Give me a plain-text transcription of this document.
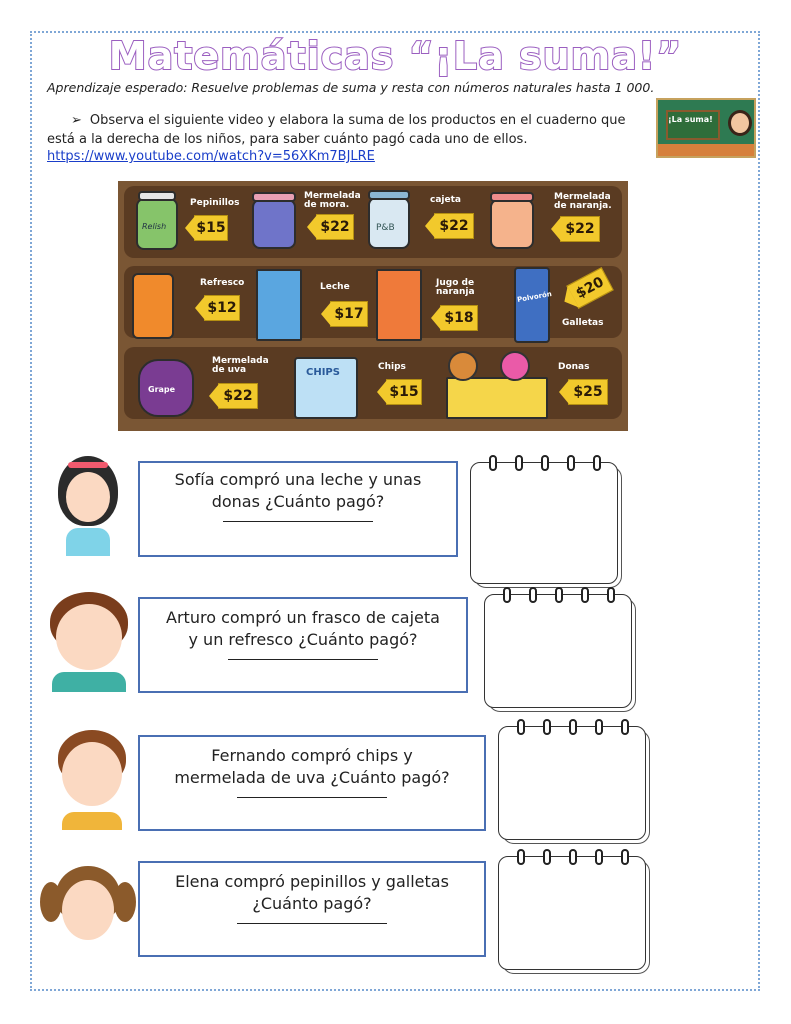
Matemáticas “¡La suma!”
Aprendizaje esperado: Resuelve problemas de suma y resta con números naturales hasta 1 000.
➢ Observa el siguiente video y elabora la suma de los productos en el cuaderno que está a la derecha de los niños, para saber cuánto pagó cada uno de ellos.
https://www.youtube.com/watch?v=56XKm7BJLRE
¡La suma!
Relish
Pepinillos
$15
Mermelada de mora.
$22	P&B
cajeta
$22
Mermelada de naranja.
$22
Refresco
$12
Leche
$17
Jugo de naranja
$18
Polvorón	$20
Galletas
Grape
Mermelada de uva
$22
CHIPS	Chips
$15
Donas
$25
Sofía compró una leche y unas
donas ¿Cuánto pagó?
Arturo compró un frasco de cajeta
y un refresco ¿Cuánto pagó?
Fernando compró chips y
mermelada de uva ¿Cuánto pagó?
Elena compró pepinillos y galletas
¿Cuánto pagó?
